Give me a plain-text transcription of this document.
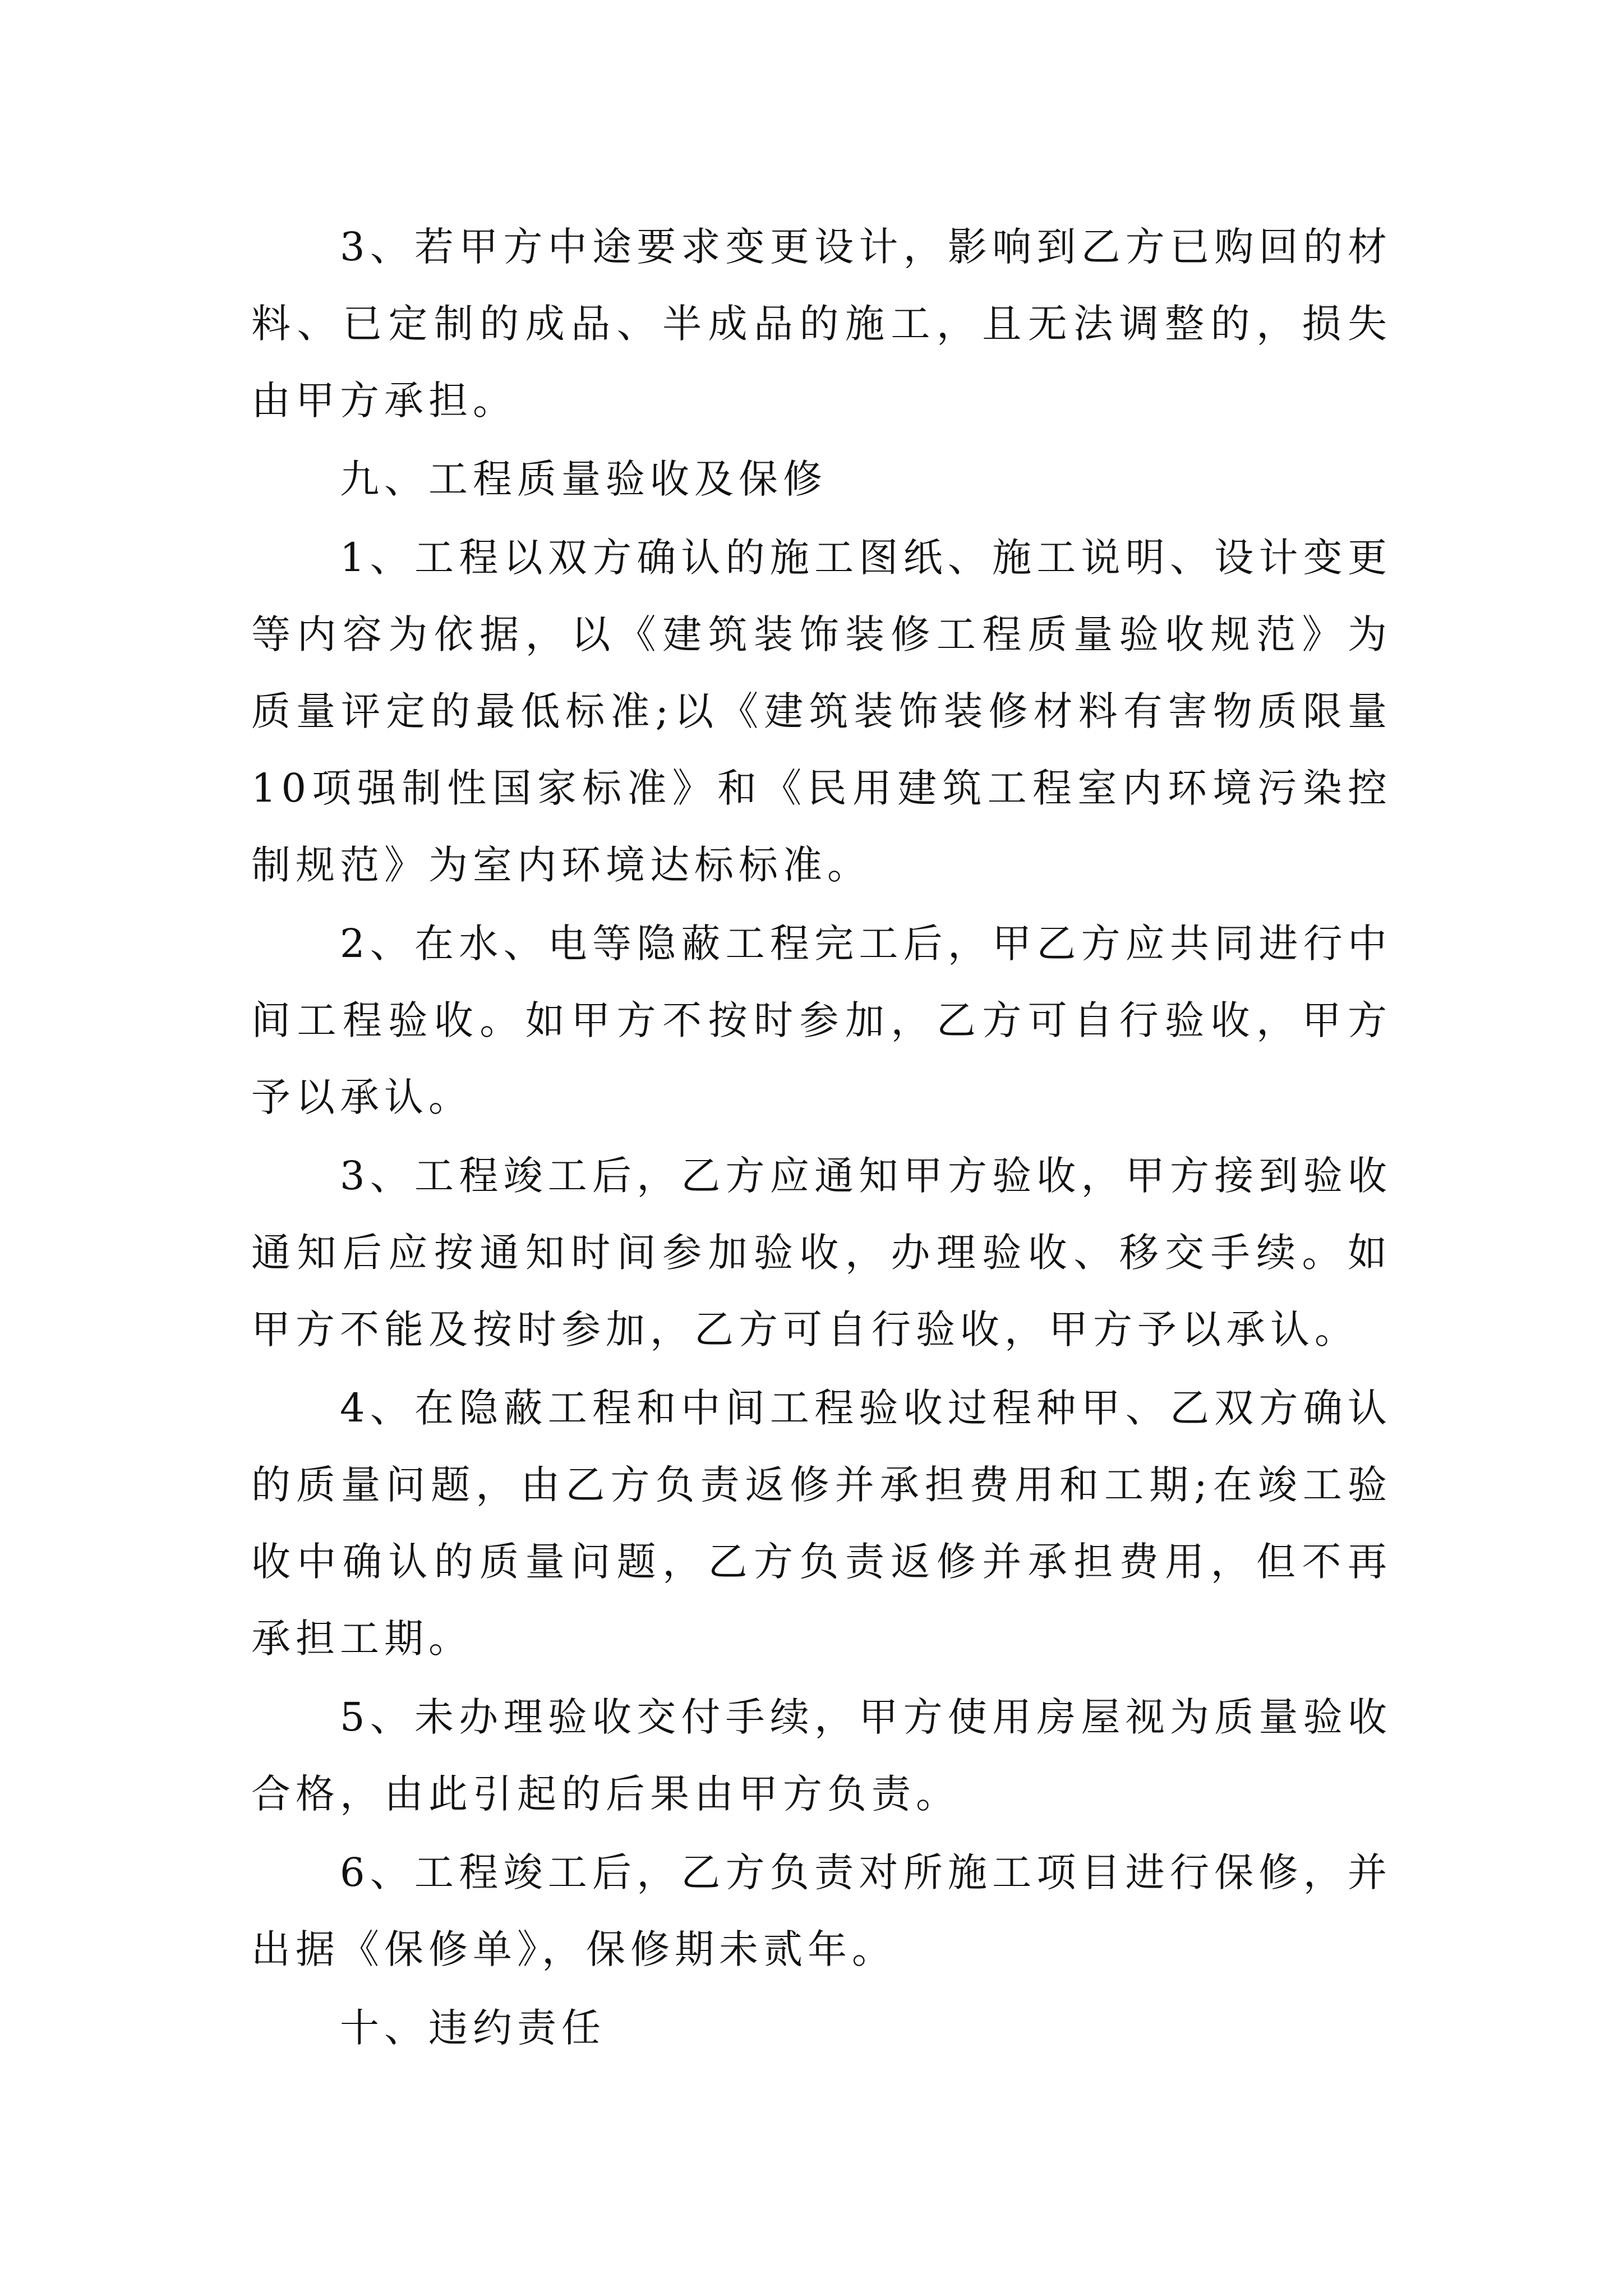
3、若甲方中途要求变更设计，影响到乙方已购回的材料、已定制的成品、半成品的施工，且无法调整的，损失由甲方承担。

九、工程质量验收及保修

1、工程以双方确认的施工图纸、施工说明、设计变更等内容为依据，以《建筑装饰装修工程质量验收规范》为质量评定的最低标准;以《建筑装饰装修材料有害物质限量10项强制性国家标准》和《民用建筑工程室内环境污染控制规范》为室内环境达标标准。

2、在水、电等隐蔽工程完工后，甲乙方应共同进行中间工程验收。如甲方不按时参加，乙方可自行验收，甲方予以承认。

3、工程竣工后，乙方应通知甲方验收，甲方接到验收通知后应按通知时间参加验收，办理验收、移交手续。如甲方不能及按时参加，乙方可自行验收，甲方予以承认。

4、在隐蔽工程和中间工程验收过程种甲、乙双方确认的质量问题，由乙方负责返修并承担费用和工期;在竣工验收中确认的质量问题，乙方负责返修并承担费用，但不再承担工期。

5、未办理验收交付手续，甲方使用房屋视为质量验收合格，由此引起的后果由甲方负责。

6、工程竣工后，乙方负责对所施工项目进行保修，并出据《保修单》，保修期未贰年。

十、违约责任
